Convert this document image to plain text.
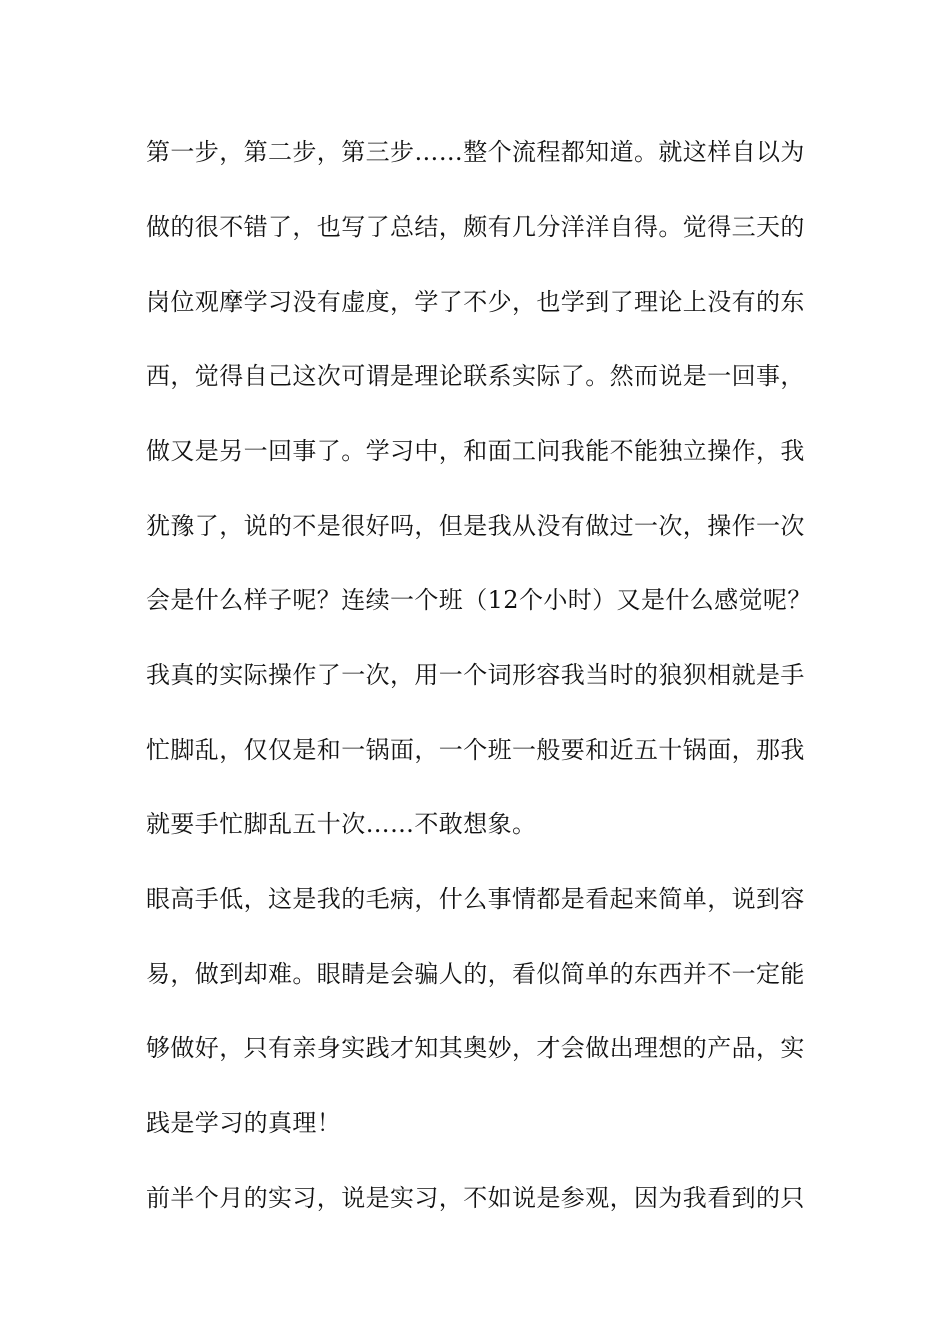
第一步，第二步，第三步……整个流程都知道。就这样自以为
做的很不错了，也写了总结，颇有几分洋洋自得。觉得三天的
岗位观摩学习没有虚度，学了不少，也学到了理论上没有的东
西，觉得自己这次可谓是理论联系实际了。然而说是一回事，
做又是另一回事了。学习中，和面工问我能不能独立操作，我
犹豫了，说的不是很好吗，但是我从没有做过一次，操作一次
会是什么样子呢？连续一个班（12个小时）又是什么感觉呢？
我真的实际操作了一次，用一个词形容我当时的狼狈相就是手
忙脚乱，仅仅是和一锅面，一个班一般要和近五十锅面，那我
就要手忙脚乱五十次……不敢想象。
眼高手低，这是我的毛病，什么事情都是看起来简单，说到容
易，做到却难。眼睛是会骗人的，看似简单的东西并不一定能
够做好，只有亲身实践才知其奥妙，才会做出理想的产品，实
践是学习的真理！
前半个月的实习，说是实习，不如说是参观，因为我看到的只
